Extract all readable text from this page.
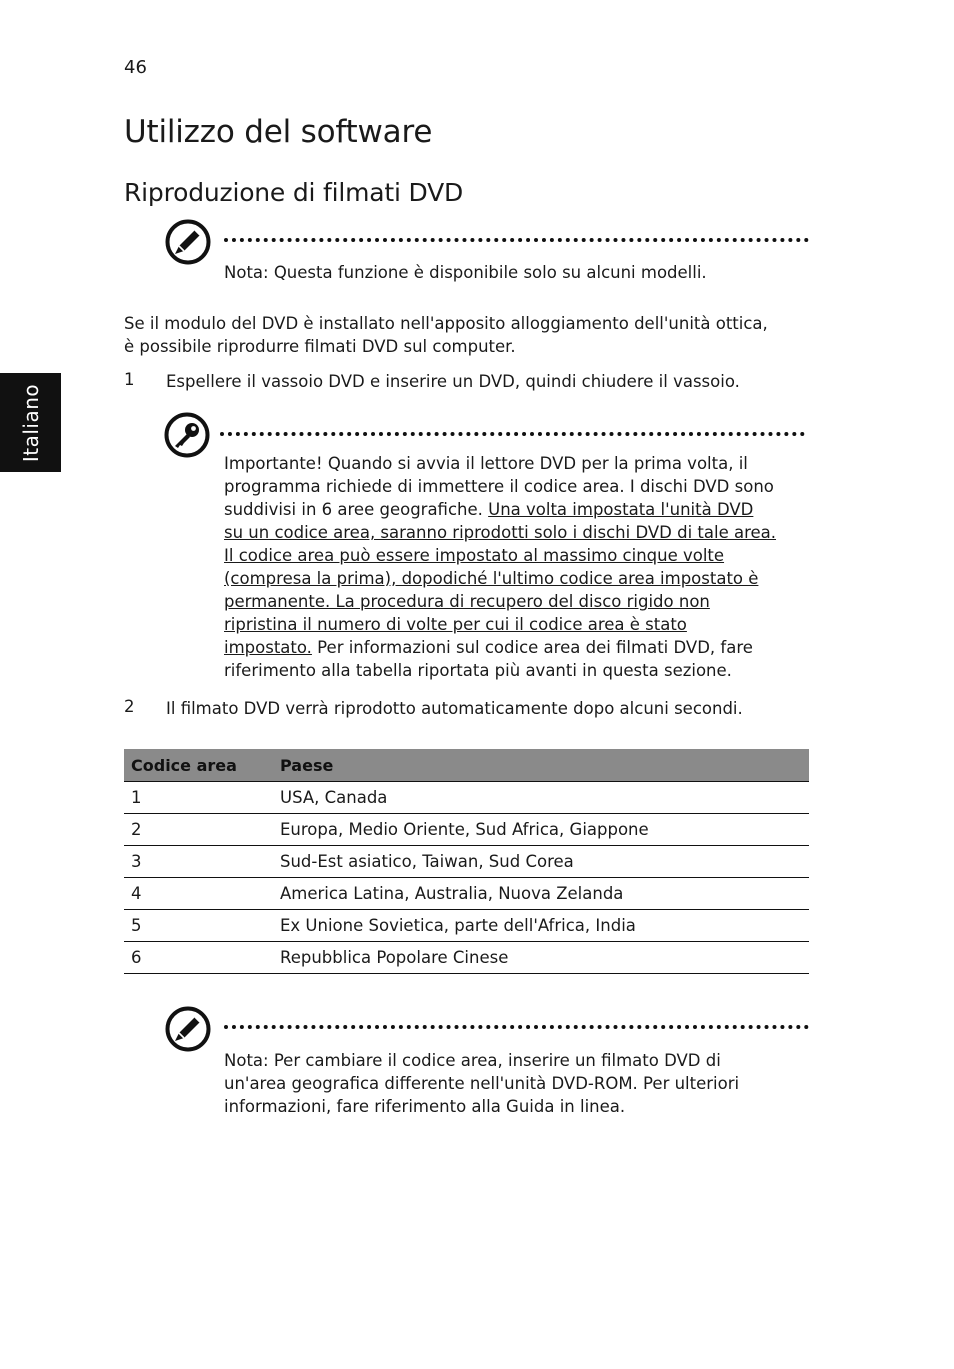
46
Utilizzo del software
Riproduzione di filmati DVD
Italiano
Nota: Questa funzione è disponibile solo su alcuni modelli.
Se il modulo del DVD è installato nell'apposito alloggiamento dell'unità ottica,
è possibile riprodurre filmati DVD sul computer.
1 Espellere il vassoio DVD e inserire un DVD, quindi chiudere il vassoio.
Importante! Quando si avvia il lettore DVD per la prima volta, il
programma richiede di immettere il codice area. I dischi DVD sono
suddivisi in 6 aree geografiche. Una volta impostata l'unità DVD
su un codice area, saranno riprodotti solo i dischi DVD di tale area.
Il codice area può essere impostato al massimo cinque volte
(compresa la prima), dopodiché l'ultimo codice area impostato è
permanente. La procedura di recupero del disco rigido non
ripristina il numero di volte per cui il codice area è stato
impostato. Per informazioni sul codice area dei filmati DVD, fare
riferimento alla tabella riportata più avanti in questa sezione.
2 Il filmato DVD verrà riprodotto automaticamente dopo alcuni secondi.
Codice area	Paese
1	USA, Canada
2	Europa, Medio Oriente, Sud Africa, Giappone
3	Sud-Est asiatico, Taiwan, Sud Corea
4	America Latina, Australia, Nuova Zelanda
5	Ex Unione Sovietica, parte dell'Africa, India
6	Repubblica Popolare Cinese
Nota: Per cambiare il codice area, inserire un filmato DVD di
un'area geografica differente nell'unità DVD-ROM. Per ulteriori
informazioni, fare riferimento alla Guida in linea.
